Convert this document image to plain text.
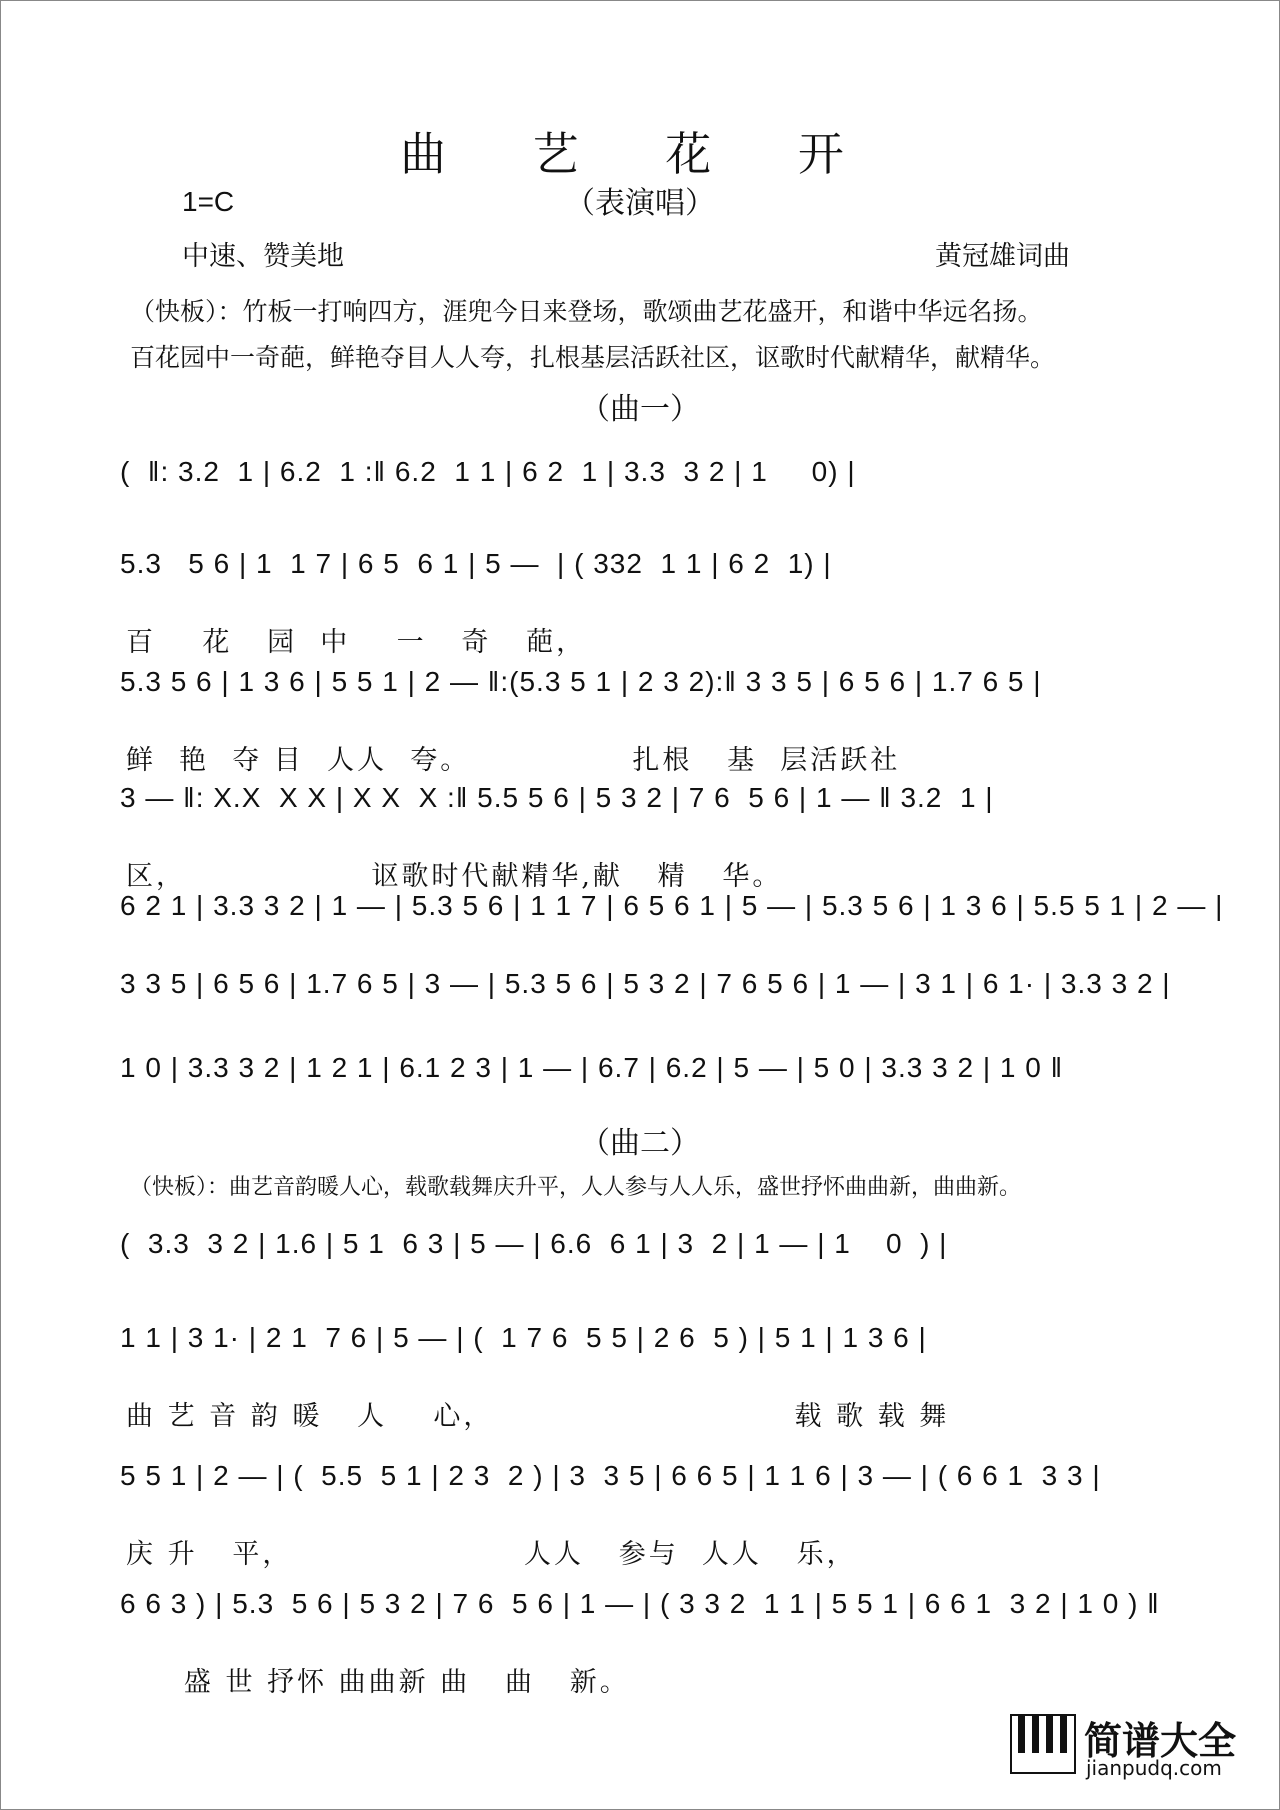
曲 艺 花 开
（表演唱）
1=C
中速、赞美地	黄冠雄词曲
（快板）：竹板一打响四方，涯兜今日来登场，歌颂曲艺花盛开，和谐中华远名扬。
百花园中一奇葩，鲜艳夺目人人夸，扎根基层活跃社区，讴歌时代献精华，献精华。
（曲一）
(  ‖: 3.2  1 | 6.2  1 :‖ 6.2  1 1 | 6 2  1 | 3.3  3 2 | 1     0) |
5.3   5 6 | 1  1 7 | 6 5  6 1 | 5 —  | ( 332  1 1 | 6 2  1) |
百    花   园  中    一   奇   葩，
5.3 5 6 | 1 3 6 | 5 5 1 | 2 — ‖:(5.3 5 1 | 2 3 2):‖ 3 3 5 | 6 5 6 | 1.7 6 5 |
鲜  艳  夺 目  人人  夸。              扎根   基  层活跃社
3 — ‖: X.X  X X | X X  X :‖ 5.5 5 6 | 5 3 2 | 7 6  5 6 | 1 — ‖ 3.2  1 |
区，                讴歌时代献精华,献   精   华。
6 2 1 | 3.3 3 2 | 1 — | 5.3 5 6 | 1 1 7 | 6 5 6 1 | 5 — | 5.3 5 6 | 1 3 6 | 5.5 5 1 | 2 — |
3 3 5 | 6 5 6 | 1.7 6 5 | 3 — | 5.3 5 6 | 5 3 2 | 7 6 5 6 | 1 — | 3 1 | 6 1· | 3.3 3 2 |
1 0 | 3.3 3 2 | 1 2 1 | 6.1 2 3 | 1 — | 6.7 | 6.2 | 5 — | 5 0 | 3.3 3 2 | 1 0 ‖
（曲二）
（快板）：曲艺音韵暖人心，载歌载舞庆升平，人人参与人人乐，盛世抒怀曲曲新，曲曲新。
(  3.3  3 2 | 1.6 | 5 1  6 3 | 5 — | 6.6  6 1 | 3  2 | 1 — | 1    0  ) |
1 1 | 3 1· | 2 1  7 6 | 5 — | (  1 7 6  5 5 | 2 6  5 ) | 5 1 | 1 3 6 |
曲 艺 音 韵 暖   人    心，                          载 歌 载 舞
5 5 1 | 2 — | (  5.5  5 1 | 2 3  2 ) | 3  3 5 | 6 6 5 | 1 1 6 | 3 — | ( 6 6 1  3 3 |
庆 升   平，                    人人   参与  人人   乐，
6 6 3 ) | 5.3  5 6 | 5 3 2 | 7 6  5 6 | 1 — | ( 3 3 2  1 1 | 5 5 1 | 6 6 1  3 2 | 1 0 ) ‖
盛 世 抒怀 曲曲新 曲   曲   新。
简谱大全
jianpudq.com
